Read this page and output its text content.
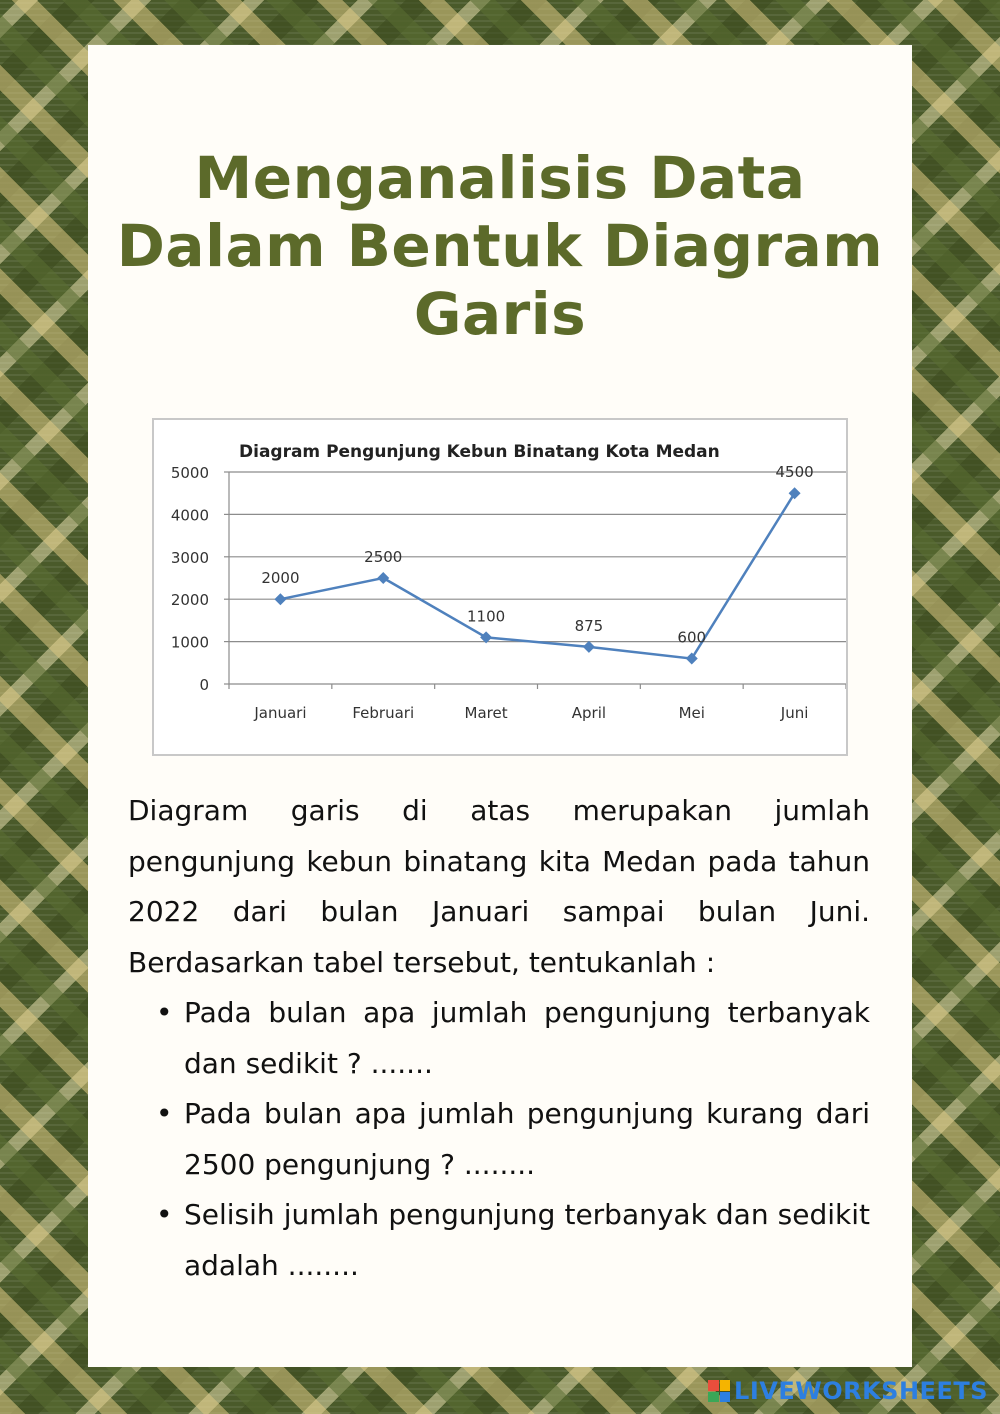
Menganalisis Data
Dalam Bentuk Diagram
Garis
Diagram Pengunjung Kebun Binatang Kota Medan
0
1000
2000
3000
4000
5000
Januari	Februari	Maret	April	Mei	Juni
2000
2500
1100
875
600
4500

Diagram garis di atas merupakan jumlah pengunjung kebun binatang kita Medan pada tahun 2022 dari bulan Januari sampai bulan Juni. Berdasarkan tabel tersebut, tentukanlah :

• Pada bulan apa jumlah pengunjung terbanyak dan sedikit ? .......
• Pada bulan apa jumlah pengunjung kurang dari 2500 pengunjung ? ........
• Selisih jumlah pengunjung terbanyak dan sedikit adalah ........
LIVEWORKSHEETS
